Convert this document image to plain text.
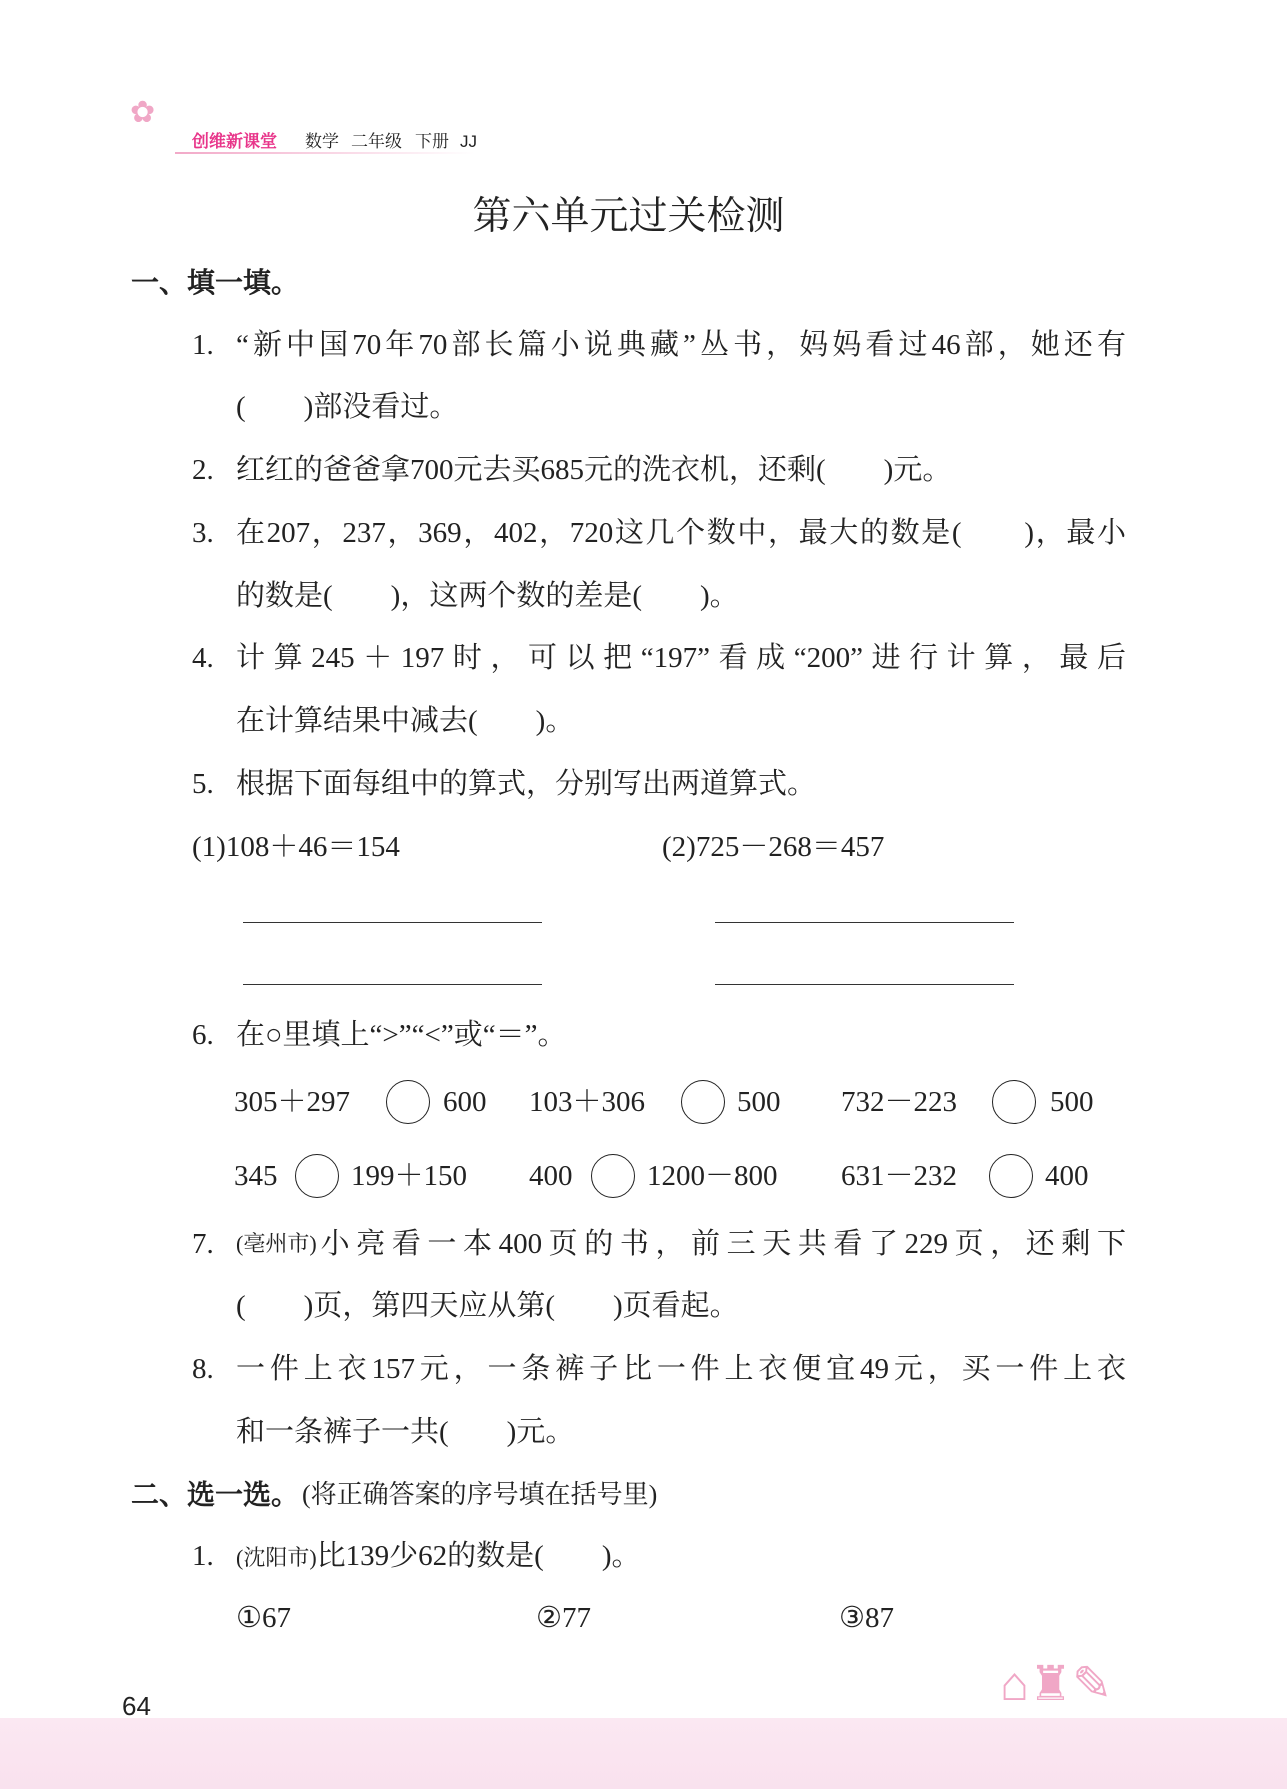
✿
创维新课堂 数学 二年级 下册 JJ
第六单元过关检测
一、填一填。
1. “新中国70年70部长篇小说典藏”丛书，妈妈看过46部，她还有
(　　)部没看过。
2. 红红的爸爸拿700元去买685元的洗衣机，还剩(　　)元。
3. 在207，237，369，402，720这几个数中，最大的数是(　　)，最小
的数是(　　)，这两个数的差是(　　)。
4. 计算245＋197时，可以把“197”看成“200”进行计算，最后
在计算结果中减去(　　)。
5. 根据下面每组中的算式，分别写出两道算式。
(1)108＋46＝154	(2)725－268＝457
6. 在○里填上“>”“<”或“＝”。
305＋297	600 103＋306	500 732－223	500
345	199＋150 400	1200－800 631－232	400
7. (亳州市) 小亮看一本400页的书，前三天共看了229页，还剩下
(　　)页，第四天应从第(　　)页看起。
8. 一件上衣157元，一条裤子比一件上衣便宜49元，买一件上衣
和一条裤子一共(　　)元。
二、选一选。 (将正确答案的序号填在括号里)
1. (沈阳市)比139少62的数是(　　)。
①67	②77	③87
⌂♜✎
64
